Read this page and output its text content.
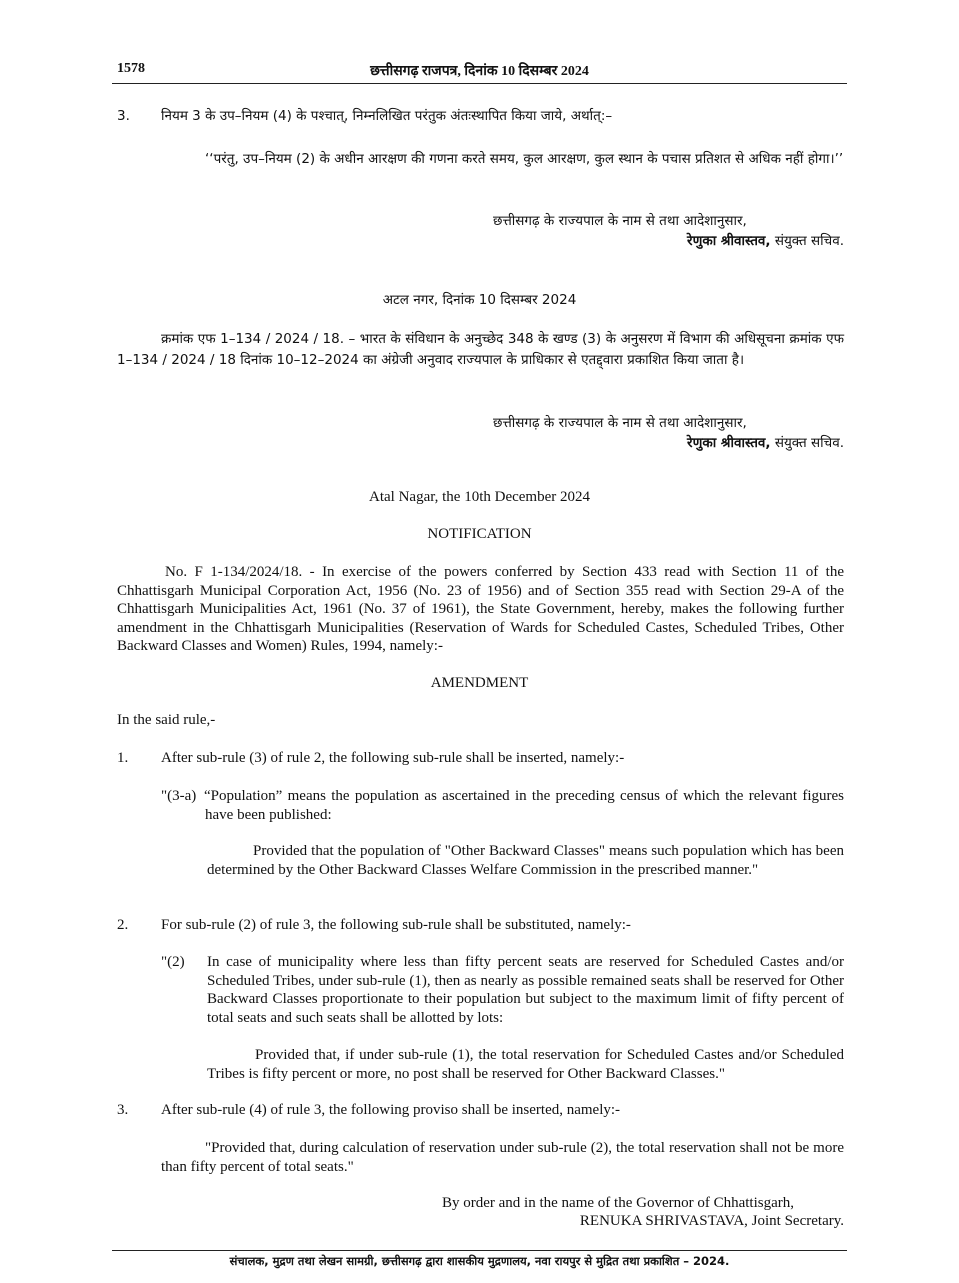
1578	छत्तीसगढ़ राजपत्र, दिनांक 10 दिसम्बर 2024
3. नियम 3 के उप–नियम (4) के पश्चात्, निम्नलिखित परंतुक अंतःस्थापित किया जाये, अर्थात्:–
‘‘परंतु, उप–नियम (2) के अधीन आरक्षण की गणना करते समय, कुल आरक्षण, कुल स्थान के पचास प्रतिशत से अधिक नहीं होगा।’’
छत्तीसगढ़ के राज्यपाल के नाम से तथा आदेशानुसार,
रेणुका श्रीवास्तव, संयुक्त सचिव.
अटल नगर, दिनांक 10 दिसम्बर 2024
क्रमांक एफ 1–134 / 2024 / 18. – भारत के संविधान के अनुच्छेद 348 के खण्ड (3) के अनुसरण में विभाग की अधिसूचना क्रमांक एफ 1–134 / 2024 / 18 दिनांक 10–12–2024 का अंग्रेजी अनुवाद राज्यपाल के प्राधिकार से एतद्द्वारा प्रकाशित किया जाता है।
छत्तीसगढ़ के राज्यपाल के नाम से तथा आदेशानुसार,
रेणुका श्रीवास्तव, संयुक्त सचिव.
Atal Nagar, the 10th December 2024
NOTIFICATION
No. F 1-134/2024/18. - In exercise of the powers conferred by Section 433 read with Section 11 of the Chhattisgarh Municipal Corporation Act, 1956 (No. 23 of 1956) and of Section 355 read with Section 29-A of the Chhattisgarh Municipalities Act, 1961 (No. 37 of 1961), the State Government, hereby, makes the following further amendment in the Chhattisgarh Municipalities (Reservation of Wards for Scheduled Castes, Scheduled Tribes, Other Backward Classes and Women) Rules, 1994, namely:-
AMENDMENT
In the said rule,-
1. After sub-rule (3) of rule 2, the following sub-rule shall be inserted, namely:-
"(3-a) “Population” means the population as ascertained in the preceding census of which the relevant figures have been published:
Provided that the population of "Other Backward Classes" means such population which has been determined by the Other Backward Classes Welfare Commission in the prescribed manner."
2. For sub-rule (2) of rule 3, the following sub-rule shall be substituted, namely:-
"(2) In case of municipality where less than fifty percent seats are reserved for Scheduled Castes and/or Scheduled Tribes, under sub-rule (1), then as nearly as possible remained seats shall be reserved for Other Backward Classes proportionate to their population but subject to the maximum limit of fifty percent of total seats and such seats shall be allotted by lots:
Provided that, if under sub-rule (1), the total reservation for Scheduled Castes and/or Scheduled Tribes is fifty percent or more, no post shall be reserved for Other Backward Classes."
3. After sub-rule (4) of rule 3, the following proviso shall be inserted, namely:-
"Provided that, during calculation of reservation under sub-rule (2), the total reservation shall not be more than fifty percent of total seats."
By order and in the name of the Governor of Chhattisgarh,
RENUKA SHRIVASTAVA, Joint Secretary.
संचालक, मुद्रण तथा लेखन सामग्री, छत्तीसगढ़ द्वारा शासकीय मुद्रणालय, नवा रायपुर से मुद्रित तथा प्रकाशित – 2024.
